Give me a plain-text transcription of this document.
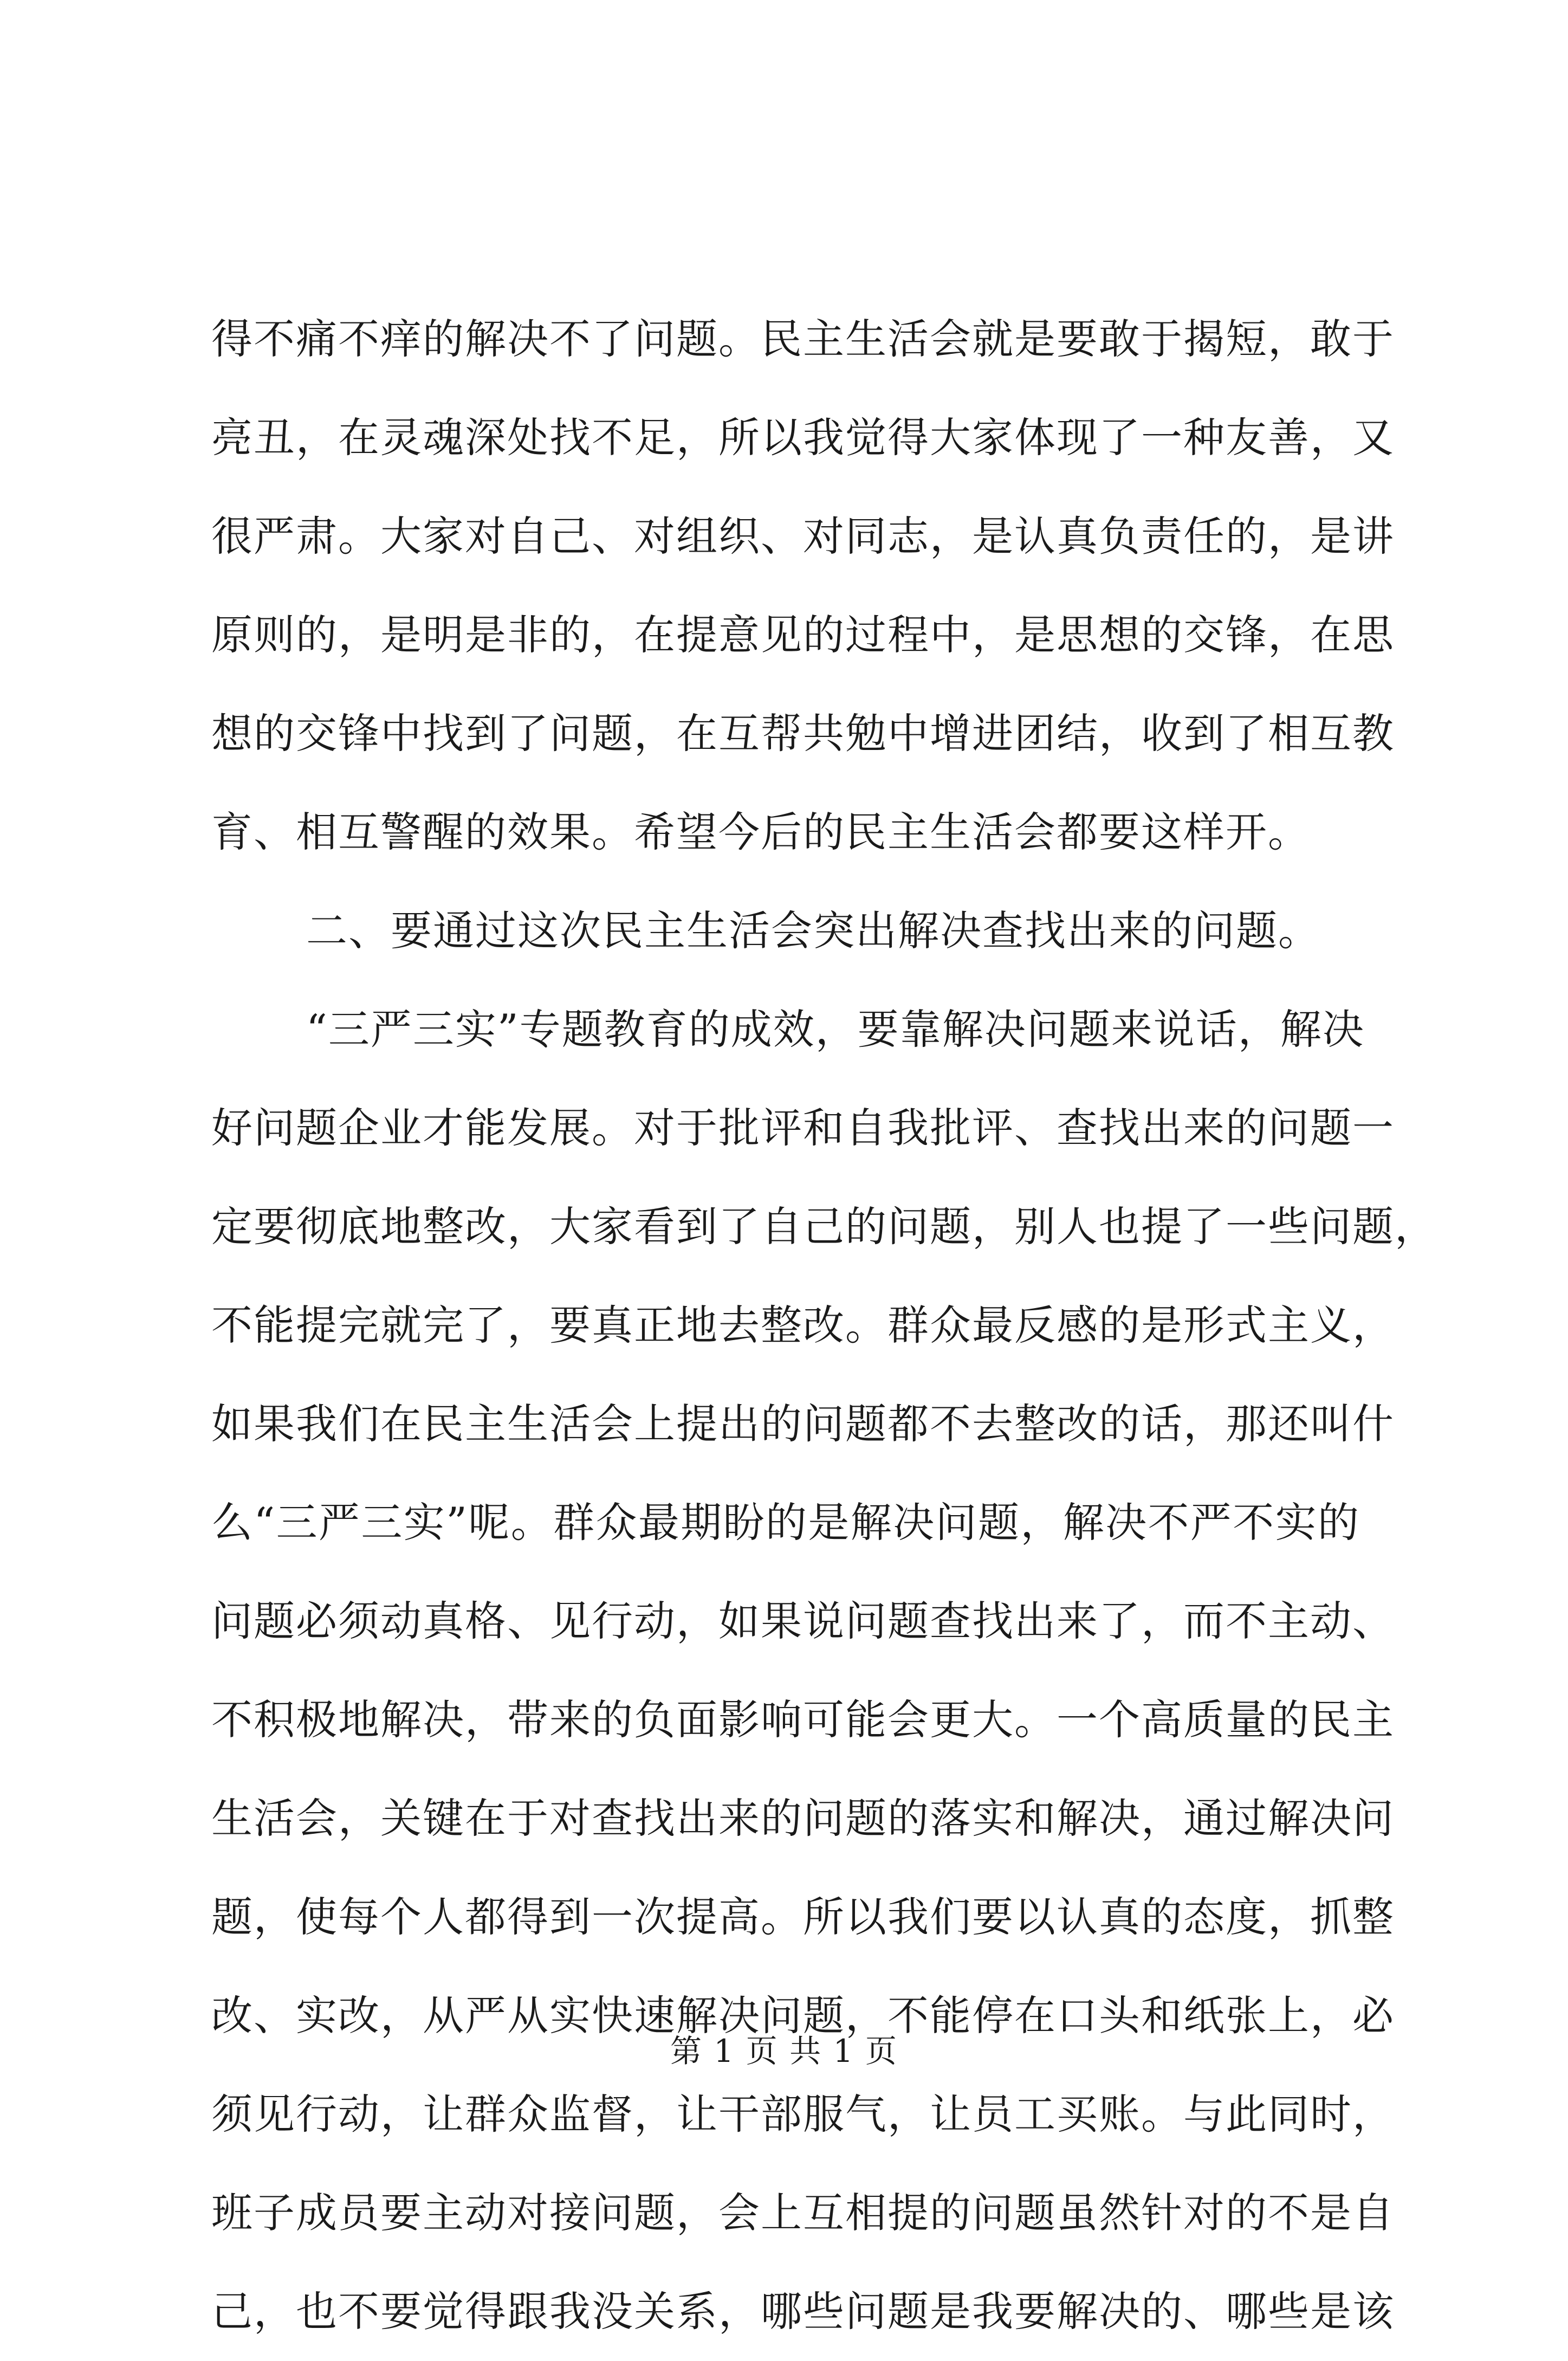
得不痛不痒的解决不了问题。民主生活会就是要敢于揭短，敢于
亮丑，在灵魂深处找不足，所以我觉得大家体现了一种友善，又
很严肃。大家对自己、对组织、对同志，是认真负责任的，是讲
原则的，是明是非的，在提意见的过程中，是思想的交锋，在思
想的交锋中找到了问题，在互帮共勉中增进团结，收到了相互教
育、相互警醒的效果。希望今后的民主生活会都要这样开。
二、要通过这次民主生活会突出解决查找出来的问题。
“三严三实”专题教育的成效，要靠解决问题来说话，解决
好问题企业才能发展。对于批评和自我批评、查找出来的问题一
定要彻底地整改，大家看到了自己的问题，别人也提了一些问题，
不能提完就完了，要真正地去整改。群众最反感的是形式主义，
如果我们在民主生活会上提出的问题都不去整改的话，那还叫什
么“三严三实”呢。群众最期盼的是解决问题，解决不严不实的
问题必须动真格、见行动，如果说问题查找出来了，而不主动、
不积极地解决，带来的负面影响可能会更大。一个高质量的民主
生活会，关键在于对查找出来的问题的落实和解决，通过解决问
题，使每个人都得到一次提高。所以我们要以认真的态度，抓整
改、实改，从严从实快速解决问题，不能停在口头和纸张上，必
须见行动，让群众监督，让干部服气，让员工买账。与此同时，
班子成员要主动对接问题，会上互相提的问题虽然针对的不是自
己，也不要觉得跟我没关系，哪些问题是我要解决的、哪些是该
第 1 页 共 1 页
